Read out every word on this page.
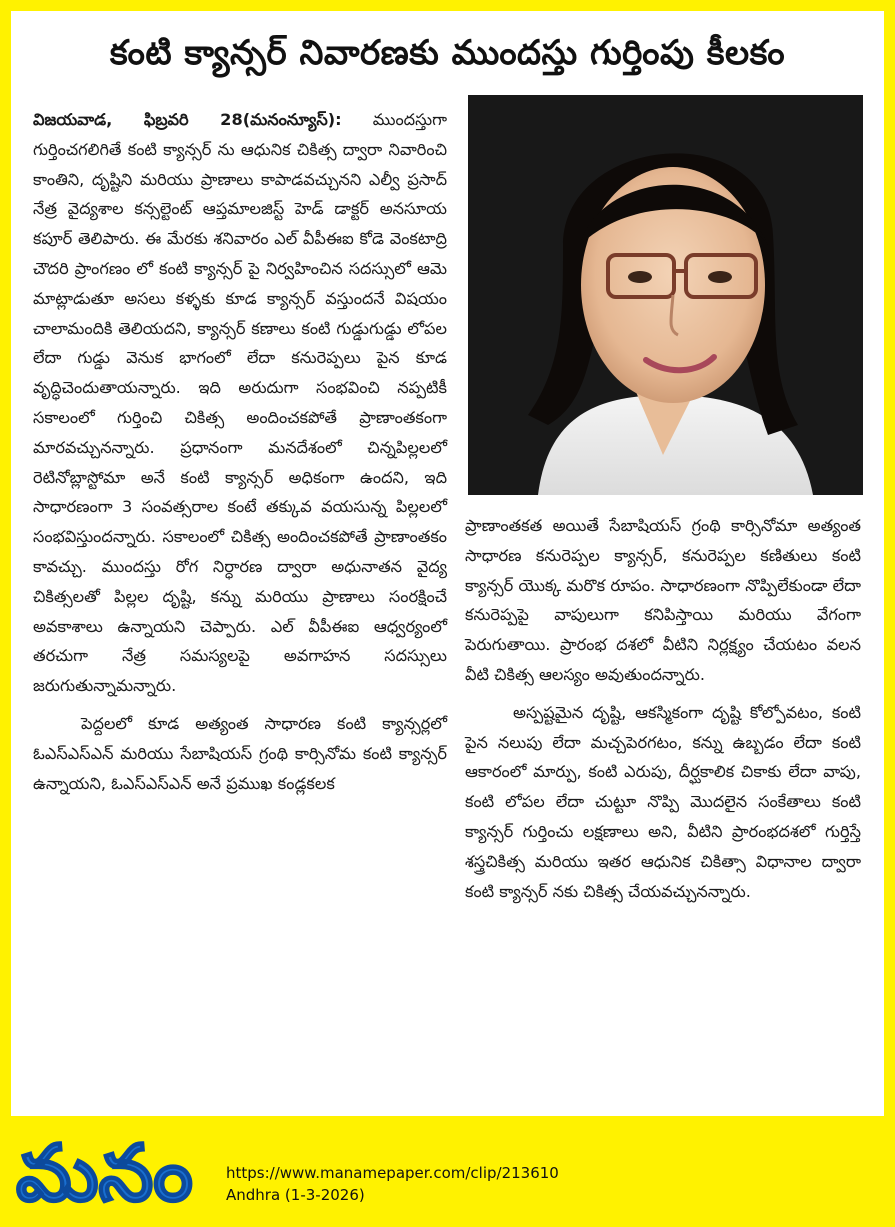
కంటి క్యాన్సర్ నివారణకు ముందస్తు గుర్తింపు కీలకం

విజయవాడ, ఫిబ్రవరి 28(మనంన్యూస్): ముందస్తుగా గుర్తించగలిగితే కంటి క్యాన్సర్ ను ఆధునిక చికిత్స ద్వారా నివారించి కాంతిని, దృష్టిని మరియు ప్రాణాలు కాపాడవచ్చునని ఎల్వీ ప్రసాద్ నేత్ర వైద్యశాల కన్సల్టెంట్ ఆప్తమాలజిస్ట్ హెడ్ డాక్టర్ అనసూయ కపూర్ తెలిపారు. ఈ మేరకు శనివారం ఎల్ వీపీఈఐ కోడె వెంకటాద్రి చౌదరి ప్రాంగణం లో కంటి క్యాన్సర్ పై నిర్వహించిన సదస్సులో ఆమె మాట్లాడుతూ అసలు కళ్ళకు కూడ క్యాన్సర్ వస్తుందనే విషయం చాలామందికి తెలియదని, క్యాన్సర్ కణాలు కంటి గుడ్డుగుడ్డు లోపల లేదా గుడ్డు వెనుక భాగంలో లేదా కనురెప్పలు పైన కూడ వృద్ధిచెందుతాయన్నారు. ఇది అరుదుగా సంభవించి నప్పటికీ సకాలంలో గుర్తించి చికిత్స అందించకపోతే ప్రాణాంతకంగా మారవచ్చునన్నారు. ప్రధానంగా మనదేశంలో చిన్నపిల్లలలో రెటినోబ్లాస్టోమా అనే కంటి క్యాన్సర్ అధికంగా ఉందని, ఇది సాధారణంగా 3 సంవత్సరాల కంటే తక్కువ వయసున్న పిల్లలలో సంభవిస్తుందన్నారు. సకాలంలో చికిత్స అందించకపోతే ప్రాణాంతకం కావచ్చు. ముందస్తు రోగ నిర్ధారణ ద్వారా అధునాతన వైద్య చికిత్సలతో పిల్లల దృష్టి, కన్ను మరియు ప్రాణాలు సంరక్షించే అవకాశాలు ఉన్నాయని చెప్పారు. ఎల్ వీపీఈఐ ఆధ్వర్యంలో తరచుగా నేత్ర సమస్యలపై అవగాహన సదస్సులు జరుగుతున్నామన్నారు.

పెద్దలలో కూడ అత్యంత సాధారణ కంటి క్యాన్సర్లలో ఓఎస్ఎస్ఎన్ మరియు సేబాషియస్ గ్రంథి కార్సినోమ కంటి క్యాన్సర్ ఉన్నాయని, ఓఎస్ఎస్ఎన్ అనే ప్రముఖ కండ్లకలక

ప్రాణాంతకత అయితే సేబాషియస్ గ్రంథి కార్సినోమా అత్యంత సాధారణ కనురెప్పల క్యాన్సర్, కనురెప్పల కణితులు కంటి క్యాన్సర్ యొక్క మరొక రూపం. సాధారణంగా నొప్పిలేకుండా లేదా కనురెప్పపై వాపులుగా కనిపిస్తాయి మరియు వేగంగా పెరుగుతాయి. ప్రారంభ దశలో వీటిని నిర్లక్ష్యం చేయటం వలన వీటి చికిత్స ఆలస్యం అవుతుందన్నారు.

అస్పష్టమైన దృష్టి, ఆకస్మికంగా దృష్టి కోల్పోవటం, కంటి పైన నలుపు లేదా మచ్చపెరగటం, కన్ను ఉబ్బడం లేదా కంటి ఆకారంలో మార్పు, కంటి ఎరుపు, దీర్ఘకాలిక చికాకు లేదా వాపు, కంటి లోపల లేదా చుట్టూ నొప్పి మొదలైన సంకేతాలు కంటి క్యాన్సర్ గుర్తించు లక్షణాలు అని, వీటిని ప్రారంభదశలో గుర్తిస్తే శస్త్రచికిత్స మరియు ఇతర ఆధునిక చికిత్సా విధానాల ద్వారా కంటి క్యాన్సర్ నకు చికిత్స చేయవచ్చునన్నారు.

మనం https://www.manamepaper.com/clip/213610
Andhra (1-3-2026)
